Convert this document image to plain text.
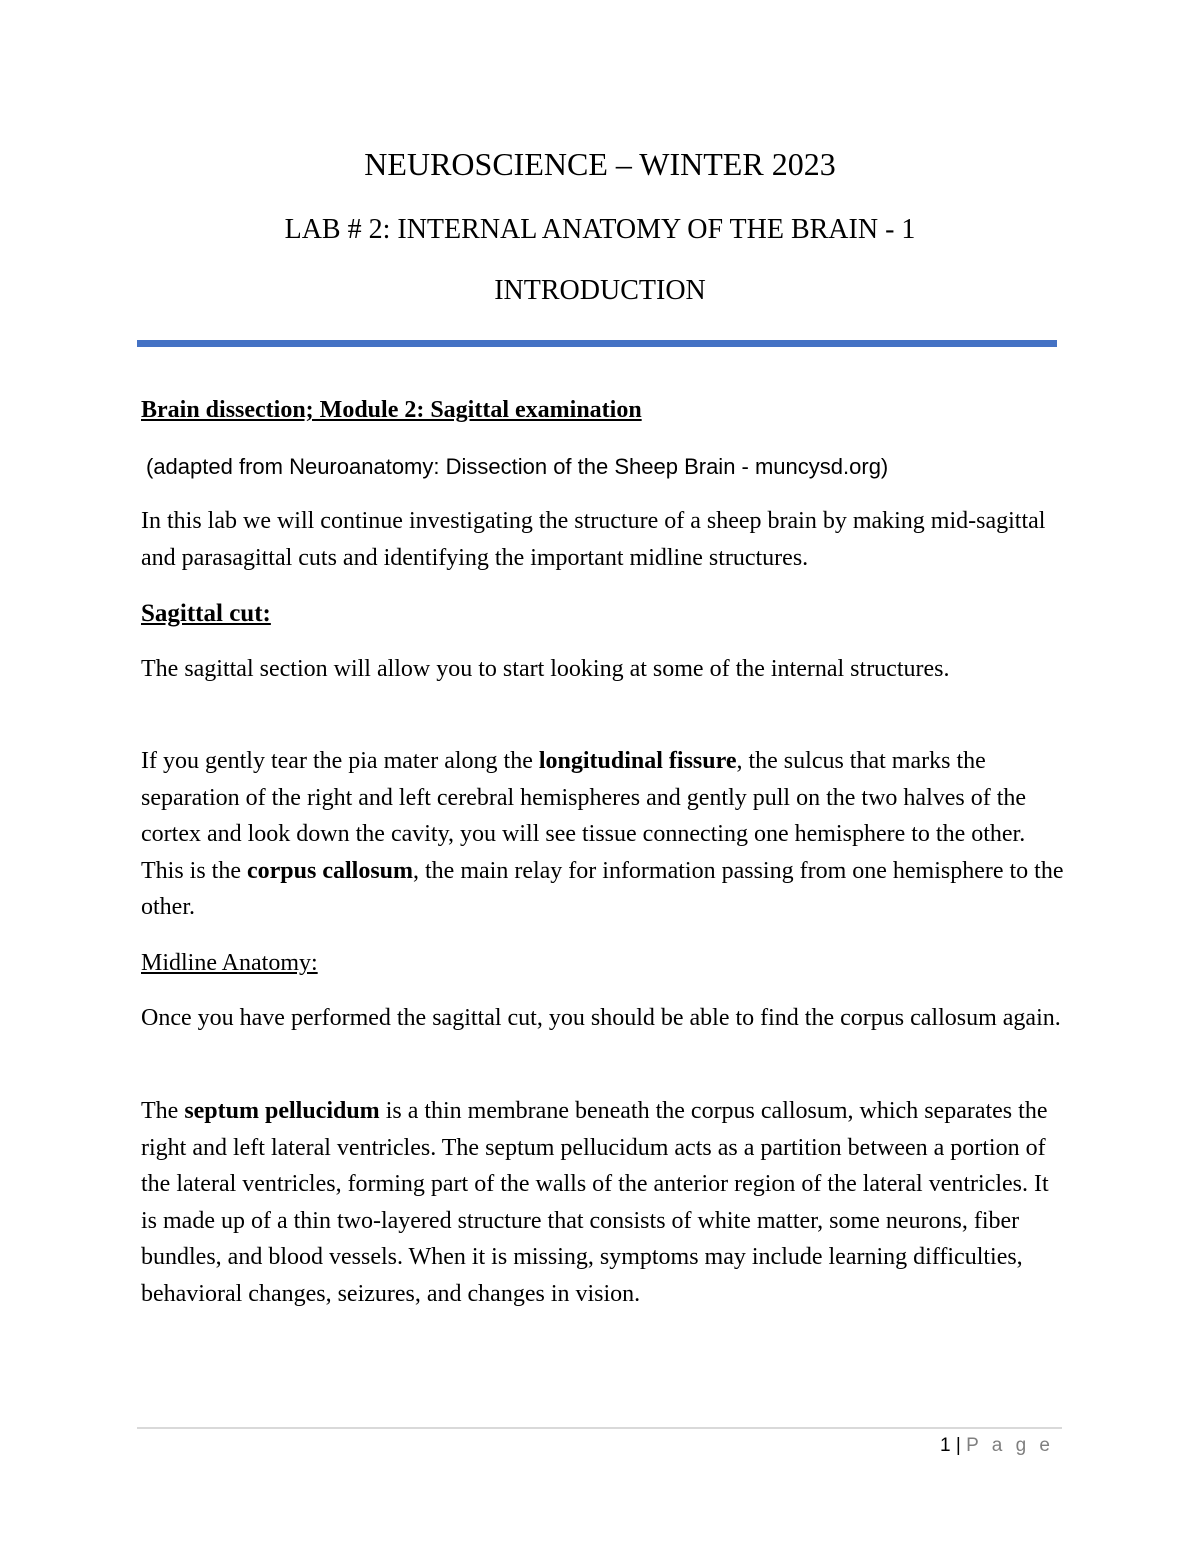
NEUROSCIENCE – WINTER 2023
LAB # 2: INTERNAL ANATOMY OF THE BRAIN - 1
INTRODUCTION
Brain dissection; Module 2: Sagittal examination
(adapted from Neuroanatomy: Dissection of the Sheep Brain - muncysd.org)
In this lab we will continue investigating the structure of a sheep brain by making mid-sagittal and parasagittal cuts and identifying the important midline structures.
Sagittal cut:
The sagittal section will allow you to start looking at some of the internal structures.
If you gently tear the pia mater along the longitudinal fissure, the sulcus that marks the separation of the right and left cerebral hemispheres and gently pull on the two halves of the cortex and look down the cavity, you will see tissue connecting one hemisphere to the other. This is the corpus callosum, the main relay for information passing from one hemisphere to the other.
Midline Anatomy:
Once you have performed the sagittal cut, you should be able to find the corpus callosum again.
The septum pellucidum is a thin membrane beneath the corpus callosum, which separates the right and left lateral ventricles. The septum pellucidum acts as a partition between a portion of the lateral ventricles, forming part of the walls of the anterior region of the lateral ventricles. It is made up of a thin two-layered structure that consists of white matter, some neurons, fiber bundles, and blood vessels. When it is missing, symptoms may include learning difficulties, behavioral changes, seizures, and changes in vision.
1 | P a g e
